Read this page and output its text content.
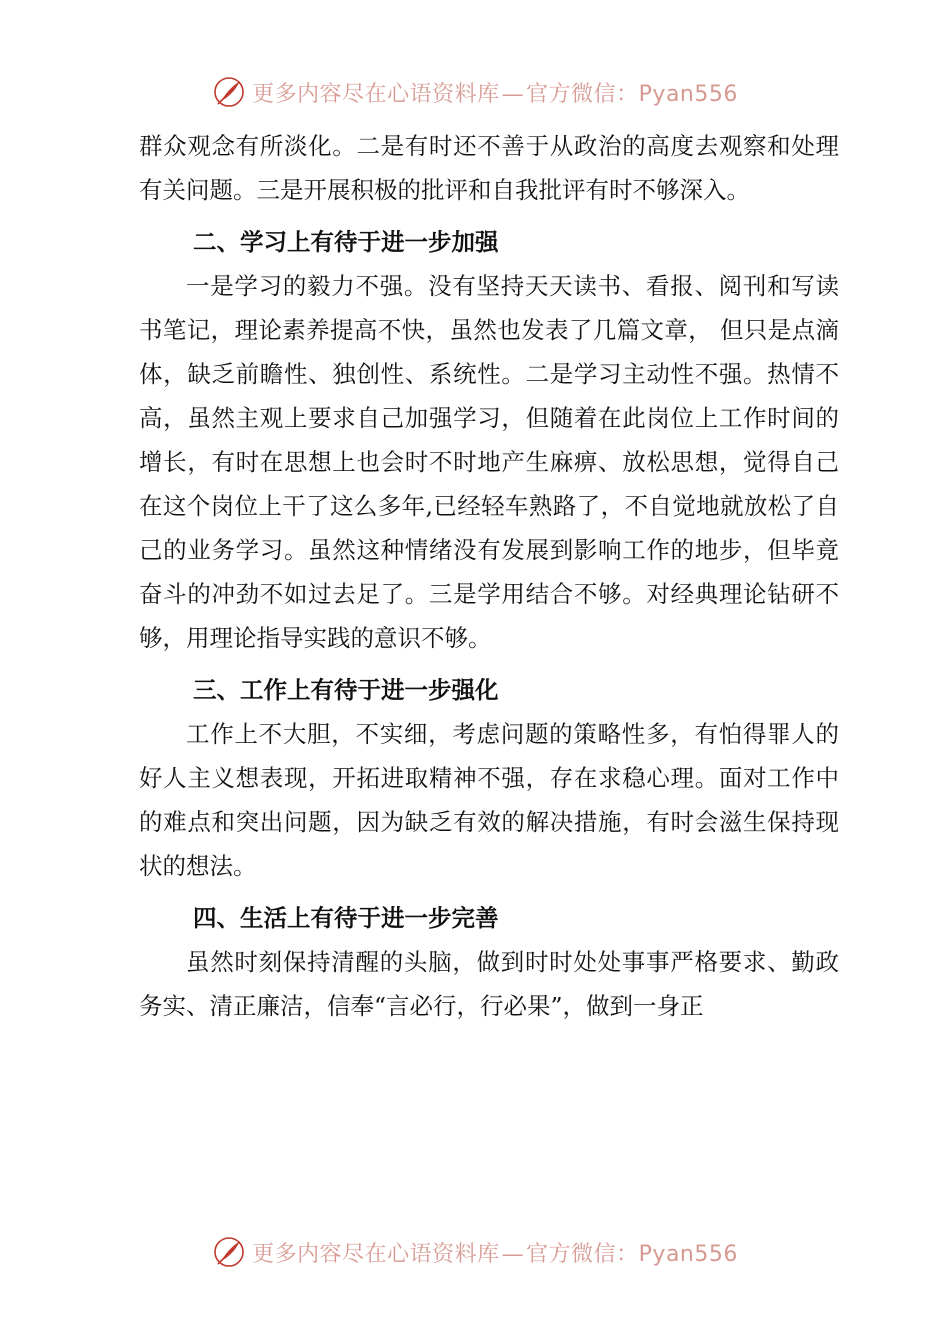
更多内容尽在心语资料库—官方微信：Pyan556

群众观念有所淡化。二是有时还不善于从政治的高度去观察和处理有关问题。三是开展积极的批评和自我批评有时不够深入。

二、学习上有待于进一步加强

一是学习的毅力不强。没有坚持天天读书、看报、阅刊和写读书笔记，理论素养提高不快，虽然也发表了几篇文章， 但只是点滴体，缺乏前瞻性、独创性、系统性。二是学习主动性不强。热情不高，虽然主观上要求自己加强学习，但随着在此岗位上工作时间的增长，有时在思想上也会时不时地产生麻痹、放松思想，觉得自己在这个岗位上干了这么多年,已经轻车熟路了，不自觉地就放松了自己的业务学习。虽然这种情绪没有发展到影响工作的地步，但毕竟奋斗的冲劲不如过去足了。三是学用结合不够。对经典理论钻研不够，用理论指导实践的意识不够。

三、工作上有待于进一步强化

工作上不大胆，不实细，考虑问题的策略性多，有怕得罪人的好人主义想表现，开拓进取精神不强，存在求稳心理。面对工作中的难点和突出问题，因为缺乏有效的解决措施，有时会滋生保持现状的想法。

四、生活上有待于进一步完善

虽然时刻保持清醒的头脑，做到时时处处事事严格要求、勤政务实、清正廉洁，信奉“言必行，行必果”，做到一身正

更多内容尽在心语资料库—官方微信：Pyan556
